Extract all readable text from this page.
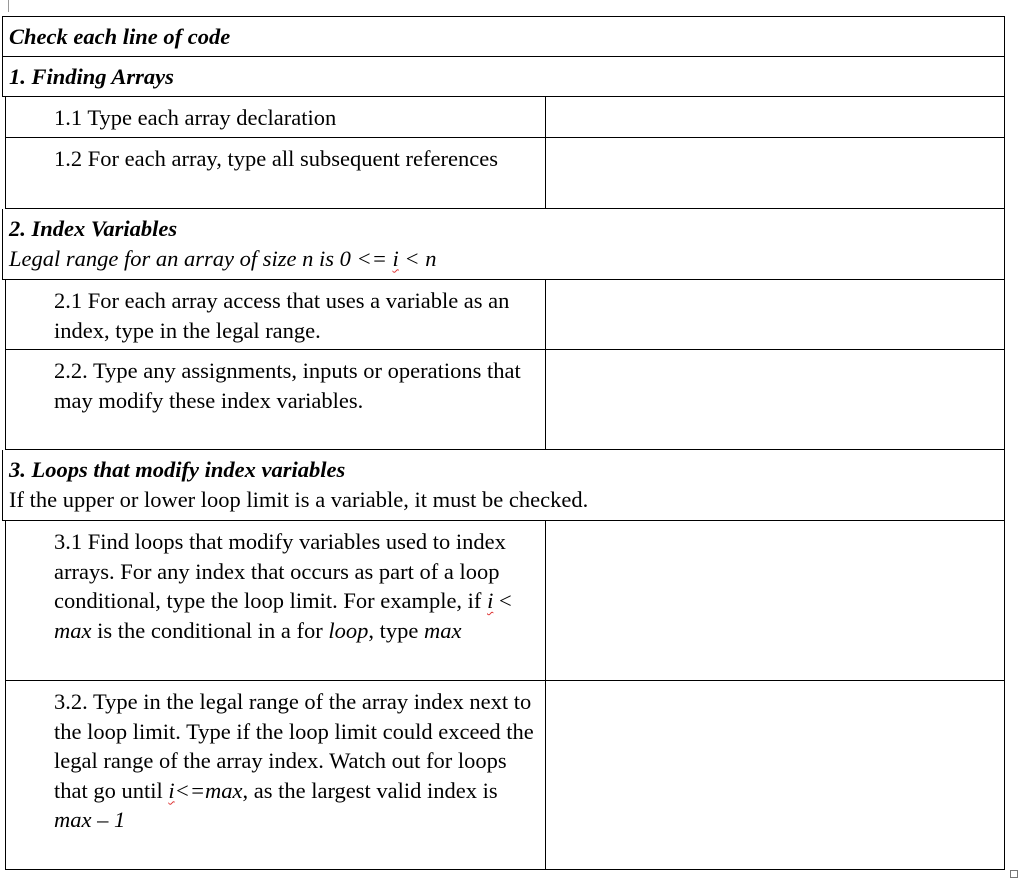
Check each line of code
1. Finding Arrays
1.1 Type each array declaration
1.2 For each array, type all subsequent references
2. Index Variables
Legal range for an array of size n is 0 <= i < n
2.1 For each array access that uses a variable as an index, type in the legal range.
2.2. Type any assignments, inputs or operations that may modify these index variables.
3. Loops that modify index variables
If the upper or lower loop limit is a variable, it must be checked.
3.1 Find loops that modify variables used to index arrays. For any index that occurs as part of a loop conditional, type the loop limit. For example, if i < max is the conditional in a for loop, type max
3.2. Type in the legal range of the array index next to the loop limit. Type if the loop limit could exceed the legal range of the array index. Watch out for loops that go until i<=max, as the largest valid index is max – 1
